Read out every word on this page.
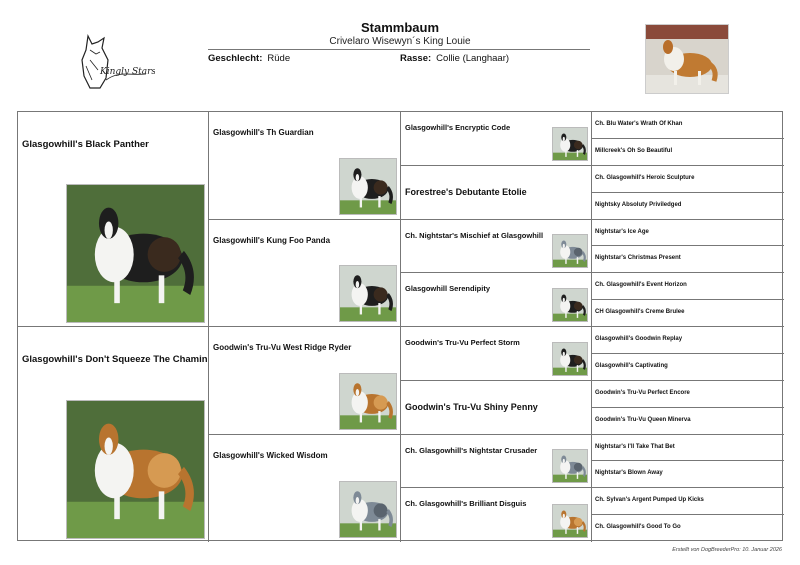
Kingly Stars
Stammbaum
Crivelaro Wisewyn´s King Louie
Geschlecht: Rüde	Rasse: Collie (Langhaar)
Glasgowhill's Black Panther
Glasgowhill's Don't Squeeze The Chamin
Glasgowhill's Th Guardian
Glasgowhill's Kung Foo Panda
Goodwin's Tru-Vu West Ridge Ryder
Glasgowhill's Wicked Wisdom
Glasgowhill's Encryptic Code
Forestree's Debutante Etolie
Ch. Nightstar's Mischief at Glasgowhill
Glasgowhill Serendipity
Goodwin's Tru-Vu Perfect Storm
Goodwin's Tru-Vu Shiny Penny
Ch. Glasgowhill's Nightstar Crusader
Ch. Glasgowhill's Brilliant Disguis
Ch. Blu Water's Wrath Of Khan
Millcreek's Oh So Beautiful
Ch. Glasgowhill's Heroic Sculpture
Nightsky Absoluty Priviledged
Nightstar's Ice Age
Nightstar's Christmas Present
Ch. Glasgowhill's Event Horizon
CH Glasgowhill's Creme Brulee
Glasgowhill's Goodwin Replay
Glasgowhill's Captivating
Goodwin's Tru-Vu Perfect Encore
Goodwin's Tru-Vu Queen Minerva
Nightstar's I'll Take That Bet
Nightstar's Blown Away
Ch. Sylvan's Argent Pumped Up Kicks
Ch. Glasgowhill's Good To Go
Erstellt von DogBreederPro: 10. Januar 2026
